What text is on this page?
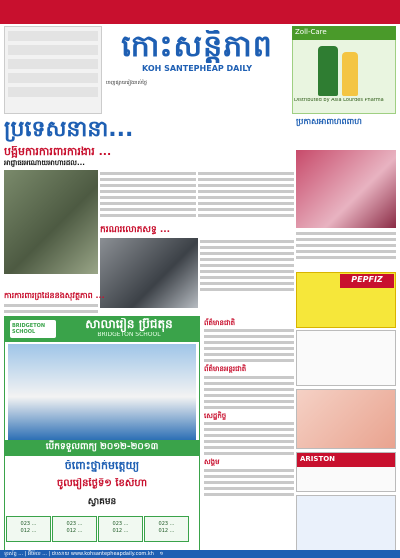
កោះសន្តិភាព
KOH SANTEPHEAP DAILY
ចេញផ្សាយរៀងរាល់ថ្ងៃ
Zoll-Care
Distributed by Asia Lourdes Pharma
ប្រទេសនានា...
បង្អឹមការការពារការងារ ...
អាជ្ញាធរអំណោយអាហារដល់...
ប្រកាសអាពាហ៍ពិពាហ៍
ករណីរំលោភសិទ្ធិ ...
ការការពារព្រំដែននិងសុវត្ថិភាព ...
PEPFIZ
BRIDGETON SCHOOL
សាលារៀន ប្រ៊ីជតុន
BRIDGETON SCHOOL
បើកទទួលពាក្យ ២០១២-២០១៣
ចំពោះថ្នាក់មត្តេយ្យ
ចូលរៀនថ្ងៃទី១ ខែសីហា
ស្វាគមន៍
023 ...
012 ...023 ...
012 ...023 ...
012 ...023 ...
012 ...
ព័ត៌មានជាតិ
ព័ត៌មានអន្តរជាតិ
សេដ្ឋកិច្ច
សង្គម	ARISTON
ទូរស័ព្ទ ... | អ៊ីម៉ែល ... | វេបសាយ www.kohsantepheapdaily.com.kh ១
